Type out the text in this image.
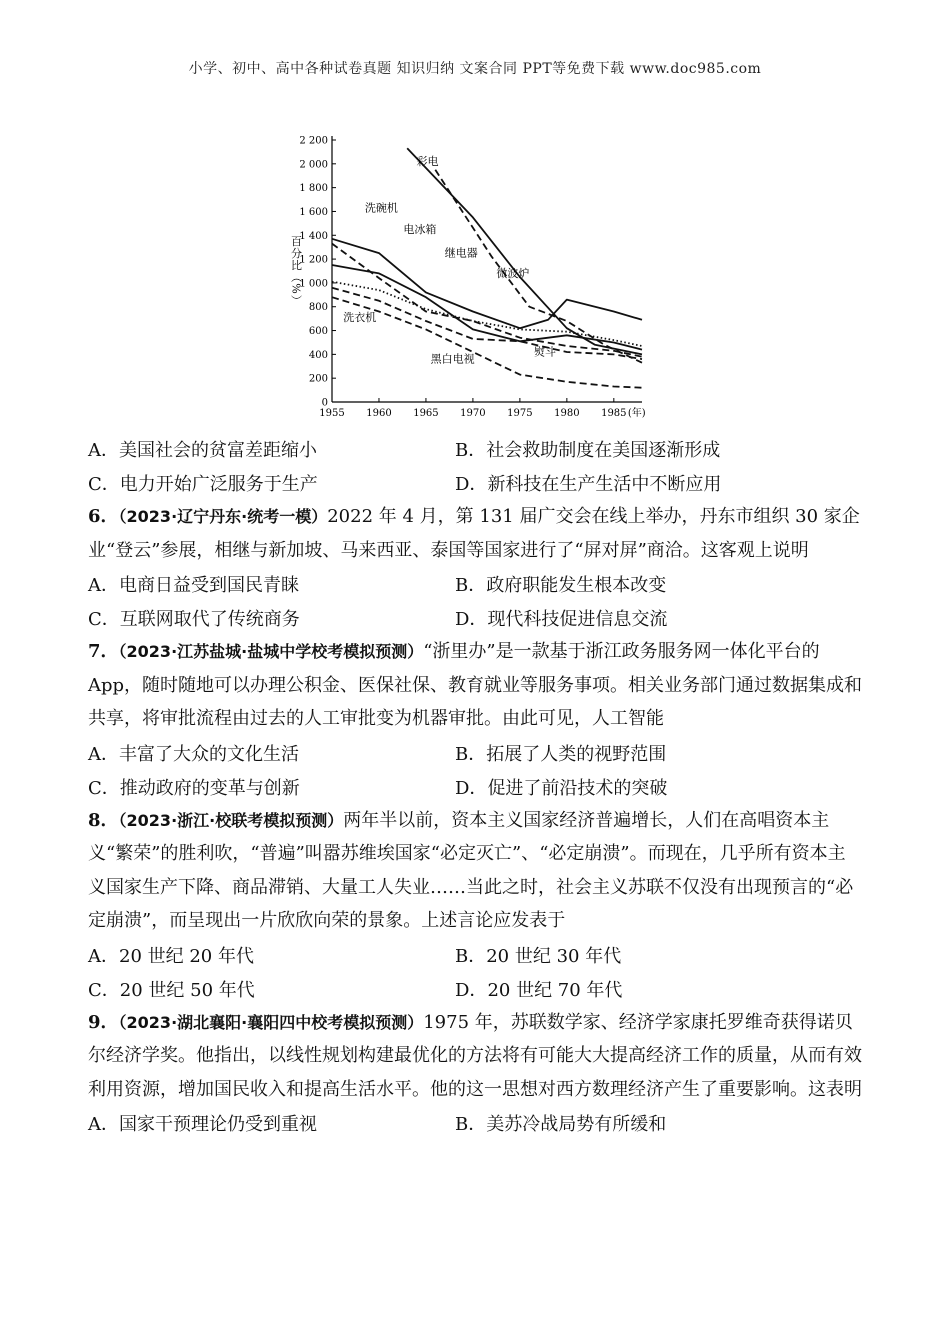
小学、初中、高中各种试卷真题 知识归纳 文案合同 PPT等免费下载 www.doc985.com
0
200
400
600
800
1 000
1 200
1 400
1 600
1 800
2 000
2 200
1955 1960 1965 1970 1975 1980 1985 (年)
百分比（%）
彩电
洗碗机
电冰箱
继电器
微波炉
洗衣机
黑白电视
熨斗
A．美国社会的贫富差距缩小	B．社会救助制度在美国逐渐形成
C．电力开始广泛服务于生产	D．新科技在生产生活中不断应用

6．（2023·辽宁丹东·统考一模）2022 年 4 月，第 131 届广交会在线上举办，丹东市组织 30 家企业“登云”参展，相继与新加坡、马来西亚、泰国等国家进行了“屏对屏”商洽。这客观上说明

A．电商日益受到国民青睐	B．政府职能发生根本改变
C．互联网取代了传统商务	D．现代科技促进信息交流

7．（2023·江苏盐城·盐城中学校考模拟预测）“浙里办”是一款基于浙江政务服务网一体化平台的 App，随时随地可以办理公积金、医保社保、教育就业等服务事项。相关业务部门通过数据集成和共享，将审批流程由过去的人工审批变为机器审批。由此可见，人工智能

A．丰富了大众的文化生活	B．拓展了人类的视野范围
C．推动政府的变革与创新	D．促进了前沿技术的突破

8．（2023·浙江·校联考模拟预测）两年半以前，资本主义国家经济普遍增长，人们在高唱资本主义“繁荣”的胜利吹，“普遍”叫嚣苏维埃国家“必定灭亡”、“必定崩溃”。而现在，几乎所有资本主义国家生产下降、商品滞销、大量工人失业……当此之时，社会主义苏联不仅没有出现预言的“必定崩溃”，而呈现出一片欣欣向荣的景象。上述言论应发表于

A．20 世纪 20 年代	B．20 世纪 30 年代
C．20 世纪 50 年代	D．20 世纪 70 年代

9．（2023·湖北襄阳·襄阳四中校考模拟预测）1975 年，苏联数学家、经济学家康托罗维奇获得诺贝尔经济学奖。他指出，以线性规划构建最优化的方法将有可能大大提高经济工作的质量，从而有效利用资源，增加国民收入和提高生活水平。他的这一思想对西方数理经济产生了重要影响。这表明

A．国家干预理论仍受到重视	B．美苏冷战局势有所缓和
